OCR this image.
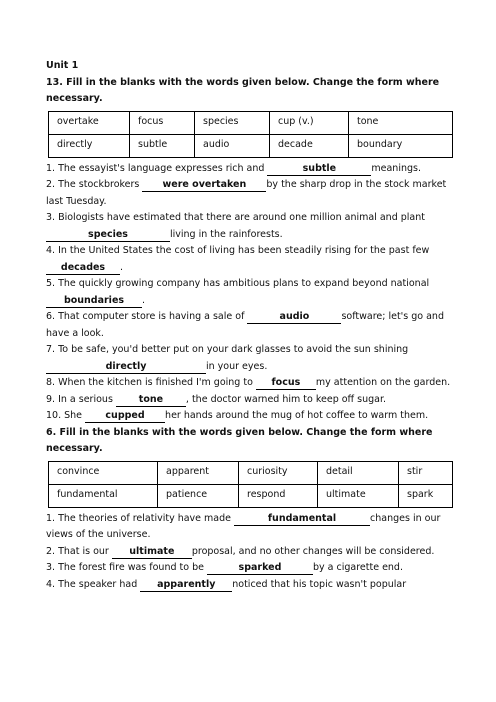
Unit 1
13. Fill in the blanks with the words given below. Change the form where necessary.
overtake	focus	species	cup (v.)	tone
directly	subtle	audio	decade	boundary
1. The essayist's language expresses rich and	subtle	meanings.
2. The stockbrokers were overtaken by the sharp drop in the stock market last Tuesday.
3. Biologists have estimated that there are around one million animal and plant species	living in the rainforests.
4. In the United States the cost of living has been steadily rising for the past few decades .
5. The quickly growing company has ambitious plans to expand beyond national boundaries .
6. That computer store is having a sale of	audio	software; let's go and have a look.
7. To be safe, you'd better put on your dark glasses to avoid the sun shining directly	in your eyes.
8. When the kitchen is finished I'm going to focus my attention on the garden.
9. In a serious tone , the doctor warned him to keep off sugar.
10. She cupped her hands around the mug of hot coffee to warm them.
6. Fill in the blanks with the words given below. Change the form where necessary.
convince	apparent	curiosity	detail	stir
fundamental	patience	respond	ultimate	spark
1. The theories of relativity have made	fundamental	changes in our views of the universe.
2. That is our ultimate proposal, and no other changes will be considered.
3. The forest fire was found to be	sparked	by a cigarette end.
4. The speaker had apparently noticed that his topic wasn't popular
